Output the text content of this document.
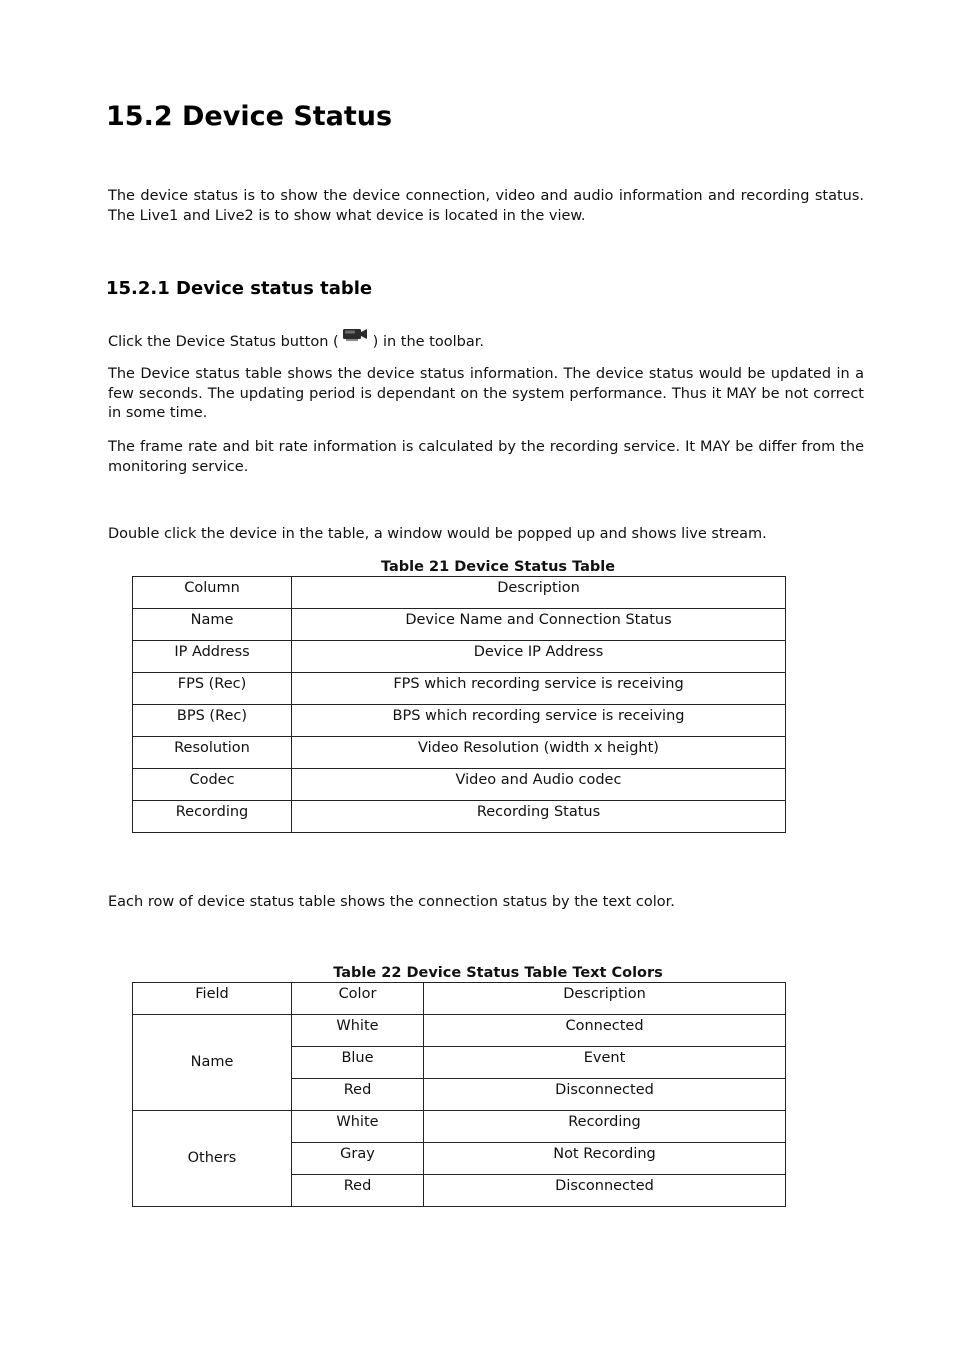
15.2 Device Status

The device status is to show the device connection, video and audio information and recording status. The Live1 and Live2 is to show what device is located in the view.

15.2.1 Device status table

Click the Device Status button ( ) in the toolbar.

The Device status table shows the device status information. The device status would be updated in a few seconds. The updating period is dependant on the system performance. Thus it MAY be not correct in some time.

The frame rate and bit rate information is calculated by the recording service. It MAY be differ from the monitoring service.

Double click the device in the table, a window would be popped up and shows live stream.

Table 21 Device Status Table
Column	Description
Name	Device Name and Connection Status
IP Address	Device IP Address
FPS (Rec)	FPS which recording service is receiving
BPS (Rec)	BPS which recording service is receiving
Resolution	Video Resolution (width x height)
Codec	Video and Audio codec
Recording	Recording Status

Each row of device status table shows the connection status by the text color.

Table 22 Device Status Table Text Colors
Field	Color	Description
Name	White	Connected
	Blue	Event
	Red	Disconnected
Others	White	Recording
	Gray	Not Recording
	Red	Disconnected
